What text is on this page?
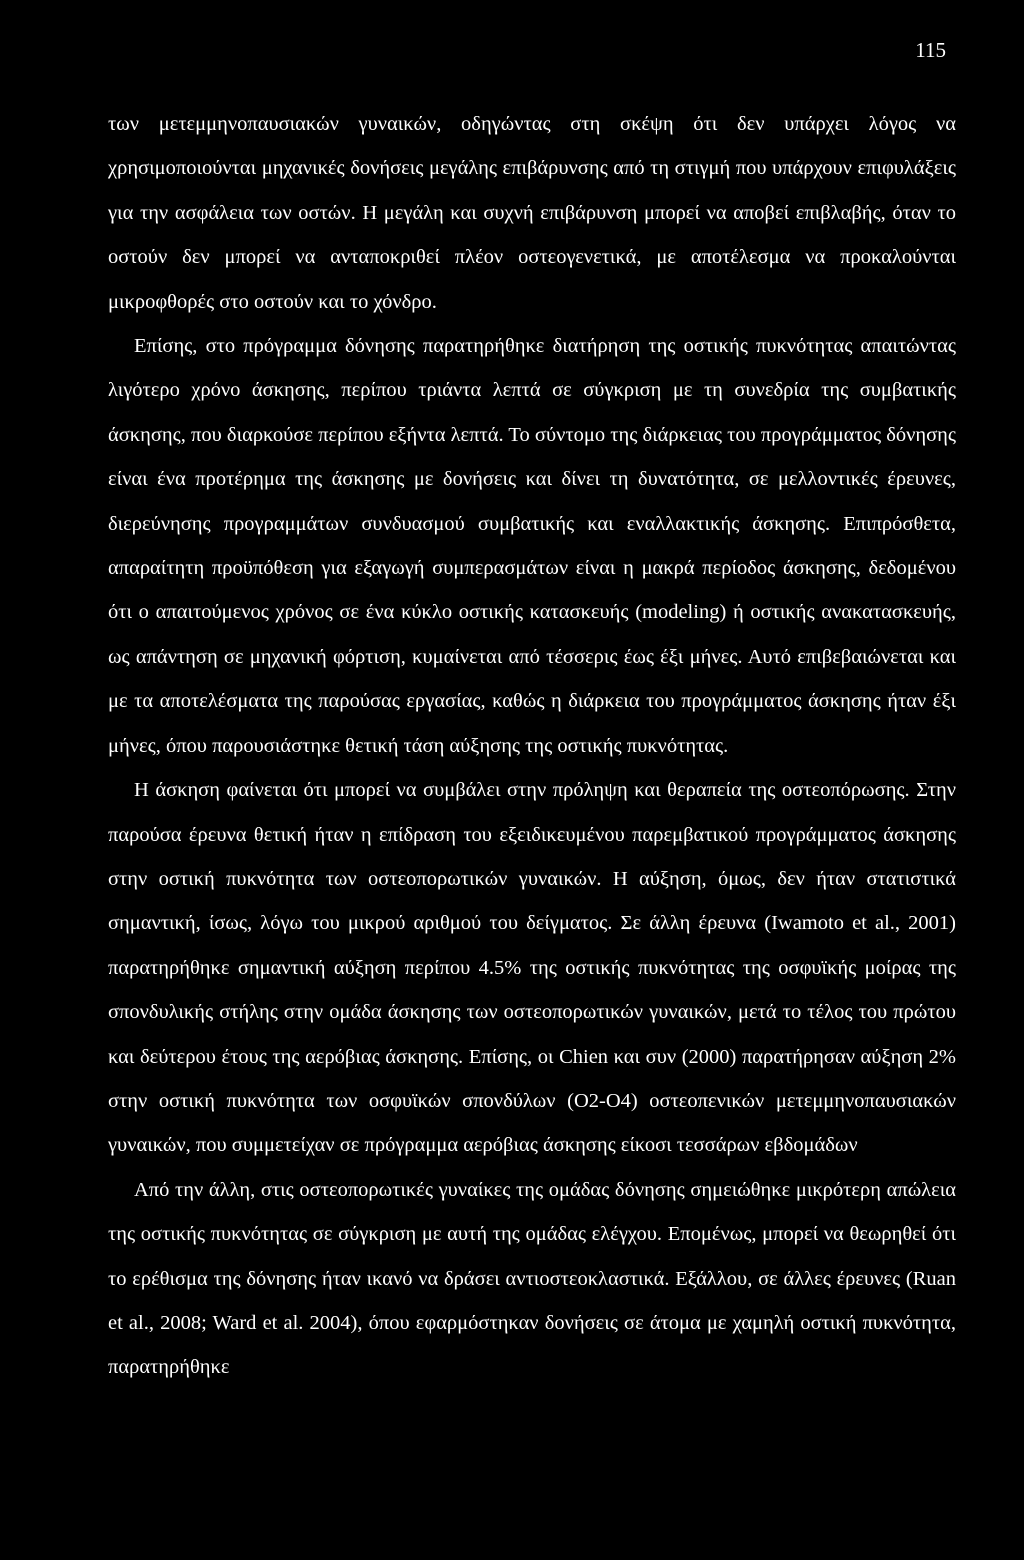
115

των μετεμμηνοπαυσιακών γυναικών, οδηγώντας στη σκέψη ότι δεν υπάρχει λόγος να χρησιμοποιούνται μηχανικές δονήσεις μεγάλης επιβάρυνσης από τη στιγμή που υπάρχουν επιφυλάξεις για την ασφάλεια των οστών. Η μεγάλη και συχνή επιβάρυνση μπορεί να αποβεί επιβλαβής, όταν το οστούν δεν μπορεί να ανταποκριθεί πλέον οστεογενετικά, με αποτέλεσμα να προκαλούνται μικροφθορές στο οστούν και το χόνδρο.

Επίσης, στο πρόγραμμα δόνησης παρατηρήθηκε διατήρηση της οστικής πυκνότητας απαιτώντας λιγότερο χρόνο άσκησης, περίπου τριάντα λεπτά σε σύγκριση με τη συνεδρία της συμβατικής άσκησης, που διαρκούσε περίπου εξήντα λεπτά. Το σύντομο της διάρκειας του προγράμματος δόνησης είναι ένα προτέρημα της άσκησης με δονήσεις και δίνει τη δυνατότητα, σε μελλοντικές έρευνες, διερεύνησης προγραμμάτων συνδυασμού συμβατικής και εναλλακτικής άσκησης. Επιπρόσθετα, απαραίτητη προϋπόθεση για εξαγωγή συμπερασμάτων είναι η μακρά περίοδος άσκησης, δεδομένου ότι ο απαιτούμενος χρόνος σε ένα κύκλο οστικής κατασκευής (modeling) ή οστικής ανακατασκευής, ως απάντηση σε μηχανική φόρτιση, κυμαίνεται από τέσσερις έως έξι μήνες. Αυτό επιβεβαιώνεται και με τα αποτελέσματα της παρούσας εργασίας, καθώς η διάρκεια του προγράμματος άσκησης ήταν έξι μήνες, όπου παρουσιάστηκε θετική τάση αύξησης της οστικής πυκνότητας.

Η άσκηση φαίνεται ότι μπορεί να συμβάλει στην πρόληψη και θεραπεία της οστεοπόρωσης. Στην παρούσα έρευνα θετική ήταν η επίδραση του εξειδικευμένου παρεμβατικού προγράμματος άσκησης στην οστική πυκνότητα των οστεοπορωτικών γυναικών. Η αύξηση, όμως, δεν ήταν στατιστικά σημαντική, ίσως, λόγω του μικρού αριθμού του δείγματος. Σε άλλη έρευνα (Iwamoto et al., 2001) παρατηρήθηκε σημαντική αύξηση περίπου 4.5% της οστικής πυκνότητας της οσφυϊκής μοίρας της σπονδυλικής στήλης στην ομάδα άσκησης των οστεοπορωτικών γυναικών, μετά το τέλος του πρώτου και δεύτερου έτους της αερόβιας άσκησης. Επίσης, οι Chien και συν (2000) παρατήρησαν αύξηση 2% στην οστική πυκνότητα των οσφυϊκών σπονδύλων (Ο2-Ο4) οστεοπενικών μετεμμηνοπαυσιακών γυναικών, που συμμετείχαν σε πρόγραμμα αερόβιας άσκησης είκοσι τεσσάρων εβδομάδων

Από την άλλη, στις οστεοπορωτικές γυναίκες της ομάδας δόνησης σημειώθηκε μικρότερη απώλεια της οστικής πυκνότητας σε σύγκριση με αυτή της ομάδας ελέγχου. Επομένως, μπορεί να θεωρηθεί ότι το ερέθισμα της δόνησης ήταν ικανό να δράσει αντιοστεοκλαστικά. Εξάλλου, σε άλλες έρευνες (Ruan et al., 2008; Ward et al. 2004), όπου εφαρμόστηκαν δονήσεις σε άτομα με χαμηλή οστική πυκνότητα, παρατηρήθηκε
